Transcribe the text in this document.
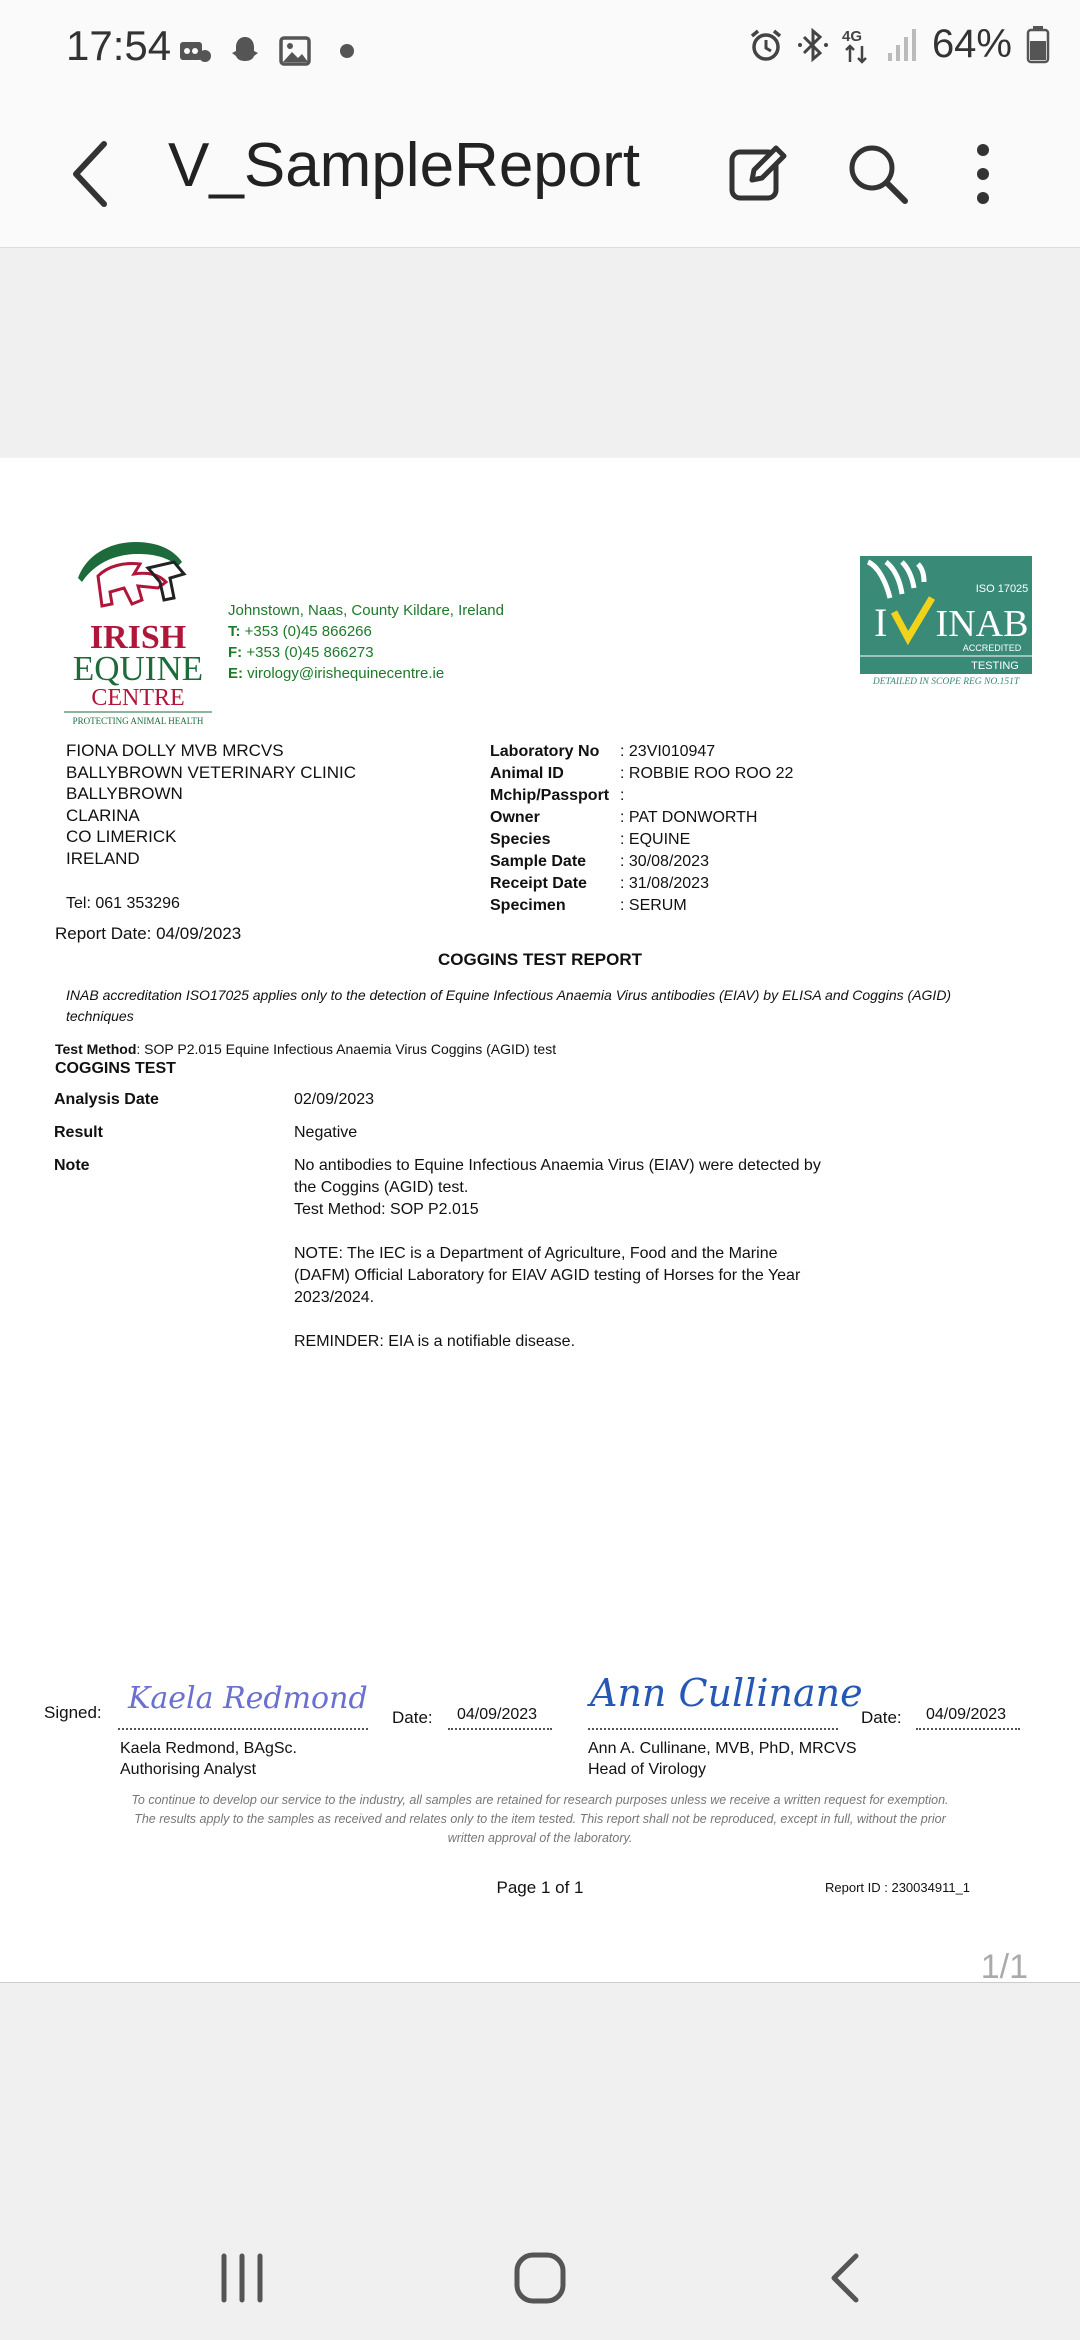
17:54	4G 64%
V_SampleReport
IRISH
EQUINE
CENTRE
PROTECTING ANIMAL HEALTH
Johnstown, Naas, County Kildare, Ireland
T: +353 (0)45 866266
F: +353 (0)45 866273
E: virology@irishequinecentre.ie
ISO 17025
I INAB
ACCREDITED
TESTING
DETAILED IN SCOPE REG NO.151T
FIONA DOLLY MVB MRCVS
BALLYBROWN VETERINARY CLINIC
BALLYBROWN
CLARINA
CO LIMERICK
IRELAND
Tel: 061 353296
Report Date: 04/09/2023
Laboratory No	: 23VI010947
Animal ID	: ROBBIE ROO ROO 22
Mchip/Passport :
Owner	: PAT DONWORTH
Species	: EQUINE
Sample Date	: 30/08/2023
Receipt Date	: 31/08/2023
Specimen	: SERUM
COGGINS TEST REPORT
INAB accreditation ISO17025 applies only to the detection of Equine Infectious Anaemia Virus antibodies (EIAV) by ELISA and Coggins (AGID) techniques
Test Method: SOP P2.015 Equine Infectious Anaemia Virus Coggins (AGID) test
COGGINS TEST
Analysis Date	02/09/2023
Result	Negative
Note	No antibodies to Equine Infectious Anaemia Virus (EIAV) were detected by
the Coggins (AGID) test.
Test Method: SOP P2.015
NOTE: The IEC is a Department of Agriculture, Food and the Marine
(DAFM) Official Laboratory for EIAV AGID testing of Horses for the Year
2023/2024.
REMINDER: EIA is a notifiable disease.
Signed: Kaela Redmond
Date: 04/09/2023 Ann Cullinane
Date: 04/09/2023
Kaela Redmond, BAgSc.
Authorising Analyst
Ann A. Cullinane, MVB, PhD, MRCVS
Head of Virology
To continue to develop our service to the industry, all samples are retained for research purposes unless we receive a written request for exemption.
The results apply to the samples as received and relates only to the item tested. This report shall not be reproduced, except in full, without the prior
written approval of the laboratory.
Page 1 of 1	Report ID : 230034911_1
1/1
